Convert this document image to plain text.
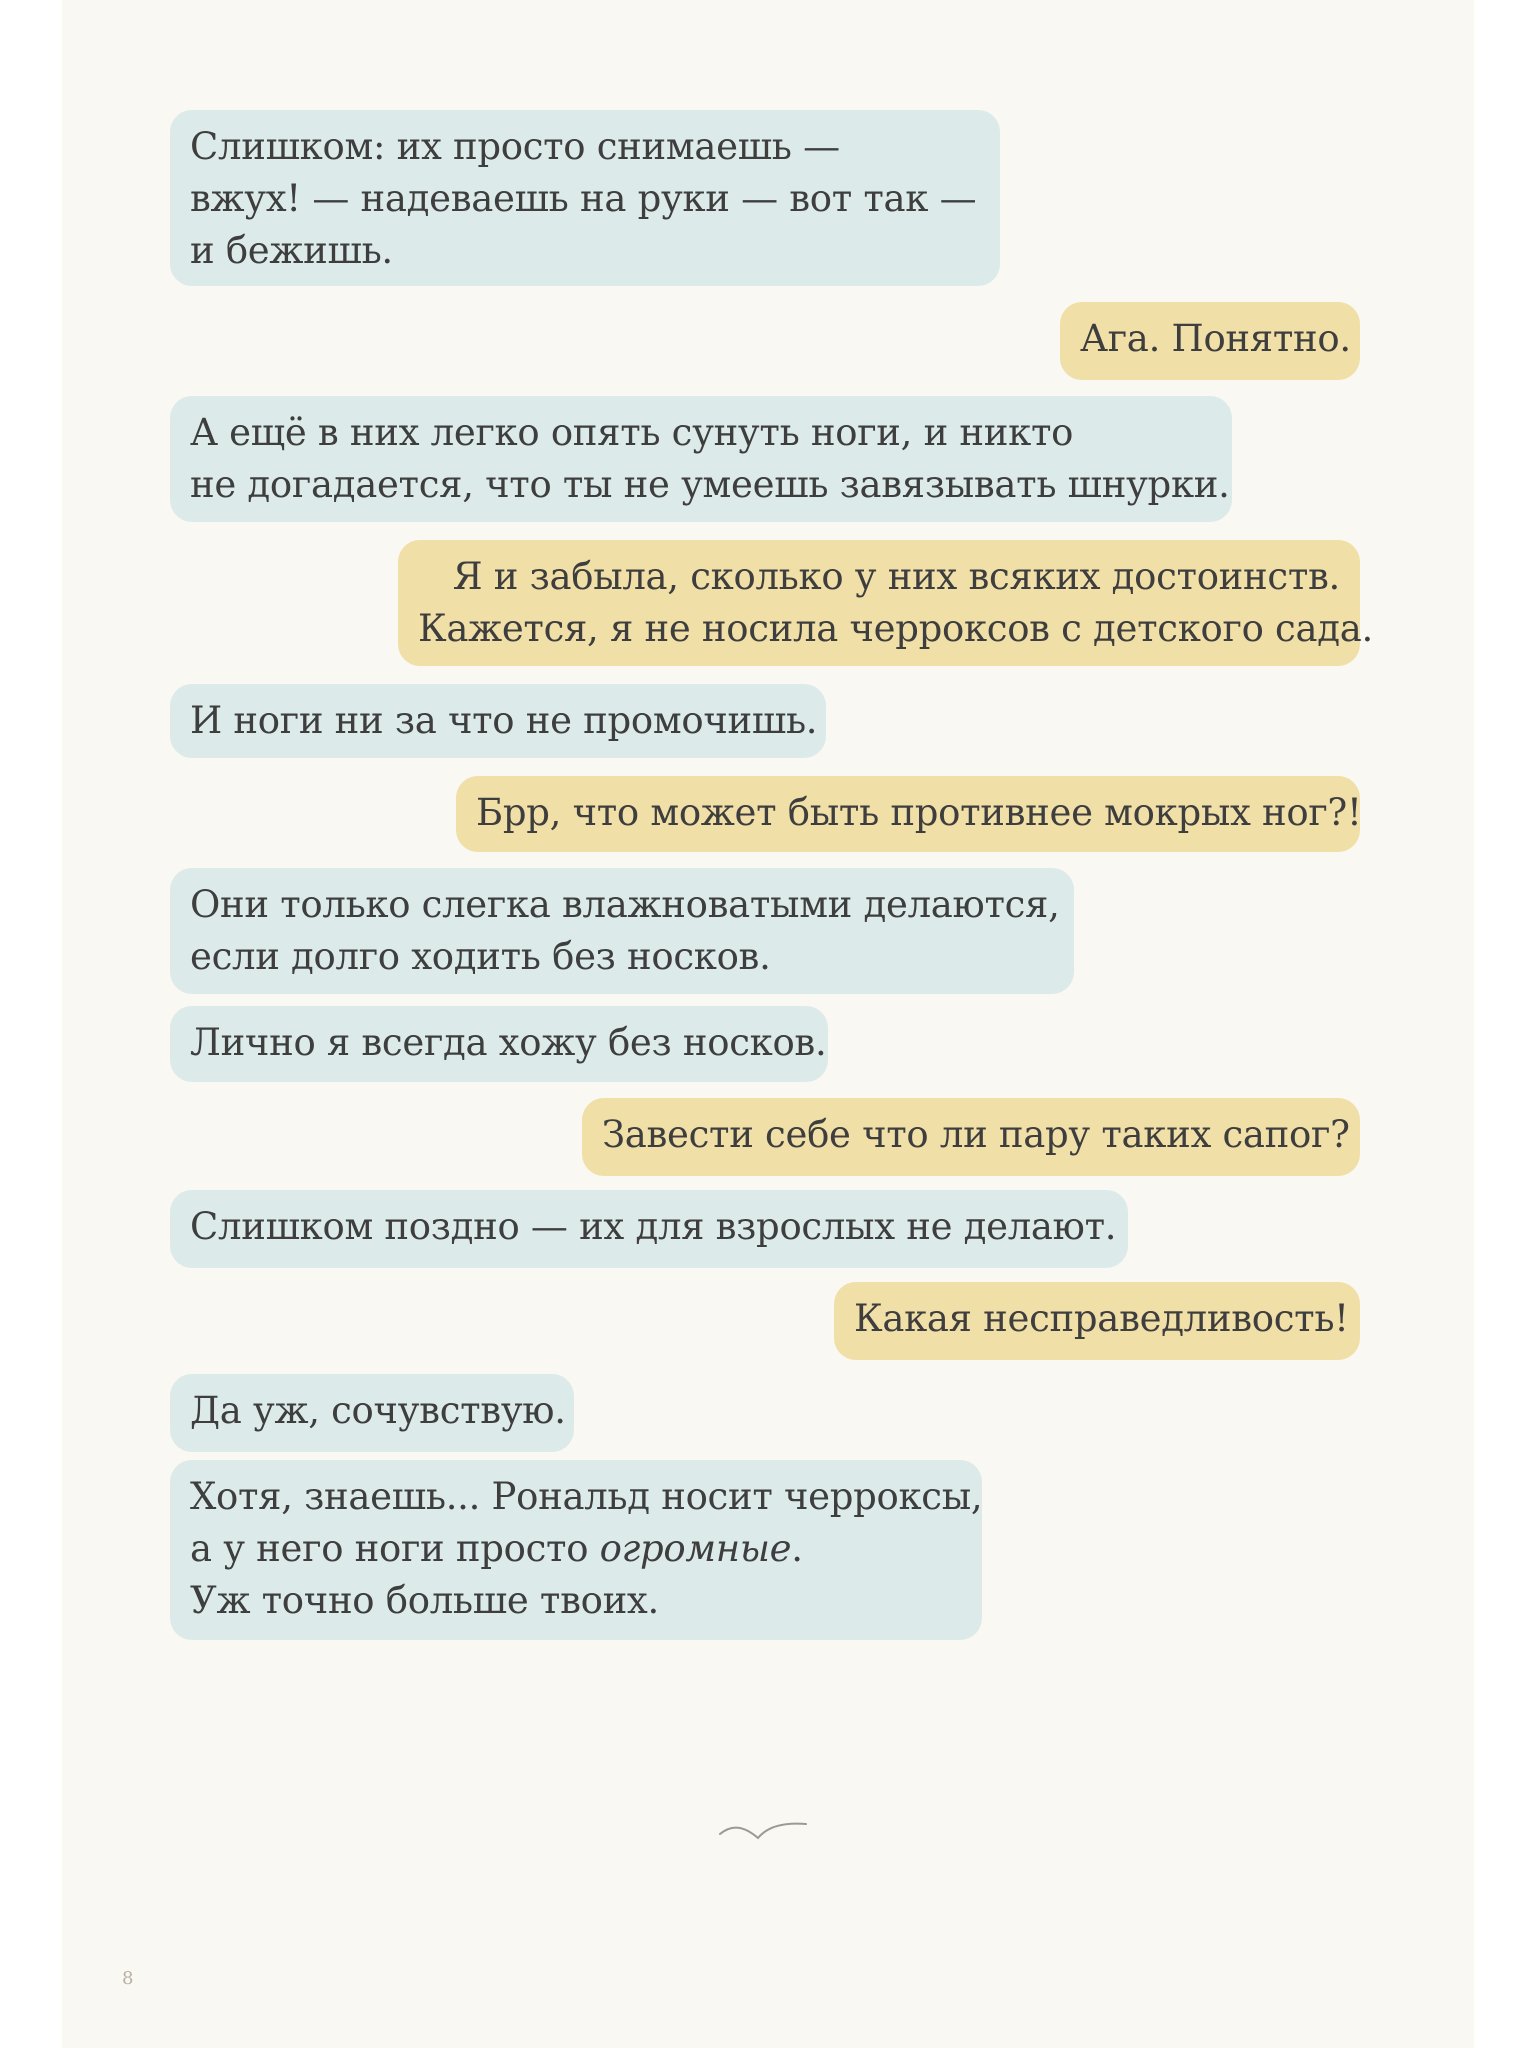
Слишком: их просто снимаешь —
вжух! — надеваешь на руки — вот так —
и бежишь.
Ага. Понятно.
А ещё в них легко опять сунуть ноги, и никто
не догадается, что ты не умеешь завязывать шнурки.
Я и забыла, сколько у них всяких достоинств.
Кажется, я не носила черроксов с детского сада.
И ноги ни за что не промочишь.
Брр, что может быть противнее мокрых ног?!
Они только слегка влажноватыми делаются,
если долго ходить без носков.
Лично я всегда хожу без носков.
Завести себе что ли пару таких сапог?
Слишком поздно — их для взрослых не делают.
Какая несправедливость!
Да уж, сочувствую.
Хотя, знаешь... Рональд носит черроксы,
а у него ноги просто огромные.
Уж точно больше твоих.
8
